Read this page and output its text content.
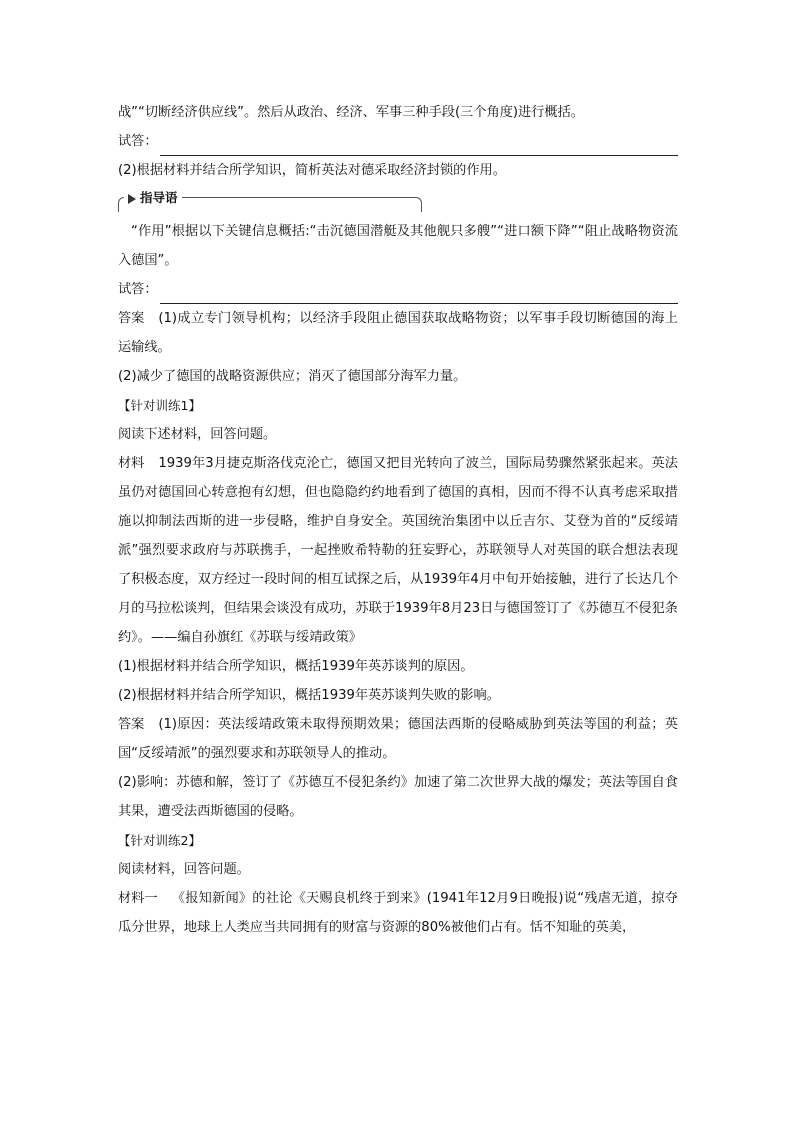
战”“切断经济供应线”。然后从政治、经济、军事三种手段(三个角度)进行概括。
试答：
(2)根据材料并结合所学知识，简析英法对德采取经济封锁的作用。
指导语
“作用”根据以下关键信息概括:“击沉德国潜艇及其他舰只多艘”“进口额下降”“阻止战略物资流入德国”。
试答：
答案 (1)成立专门领导机构；以经济手段阻止德国获取战略物资；以军事手段切断德国的海上运输线。
(2)减少了德国的战略资源供应；消灭了德国部分海军力量。
【针对训练1】
阅读下述材料，回答问题。
材料 1939年3月捷克斯洛伐克沦亡，德国又把目光转向了波兰，国际局势骤然紧张起来。英法虽仍对德国回心转意抱有幻想，但也隐隐约约地看到了德国的真相，因而不得不认真考虑采取措施以抑制法西斯的进一步侵略，维护自身安全。英国统治集团中以丘吉尔、艾登为首的“反绥靖派”强烈要求政府与苏联携手，一起挫败希特勒的狂妄野心，苏联领导人对英国的联合想法表现了积极态度，双方经过一段时间的相互试探之后，从1939年4月中旬开始接触，进行了长达几个月的马拉松谈判，但结果会谈没有成功，苏联于1939年8月23日与德国签订了《苏德互不侵犯条约》。——编自孙旗红《苏联与绥靖政策》
(1)根据材料并结合所学知识，概括1939年英苏谈判的原因。
(2)根据材料并结合所学知识，概括1939年英苏谈判失败的影响。
答案 (1)原因：英法绥靖政策未取得预期效果；德国法西斯的侵略威胁到英法等国的利益；英国“反绥靖派”的强烈要求和苏联领导人的推动。
(2)影响：苏德和解，签订了《苏德互不侵犯条约》加速了第二次世界大战的爆发；英法等国自食其果，遭受法西斯德国的侵略。
【针对训练2】
阅读材料，回答问题。
材料一 《报知新闻》的社论《天赐良机终于到来》(1941年12月9日晚报)说“残虐无道，掠夺瓜分世界，地球上人类应当共同拥有的财富与资源的80%被他们占有。恬不知耻的英美，
